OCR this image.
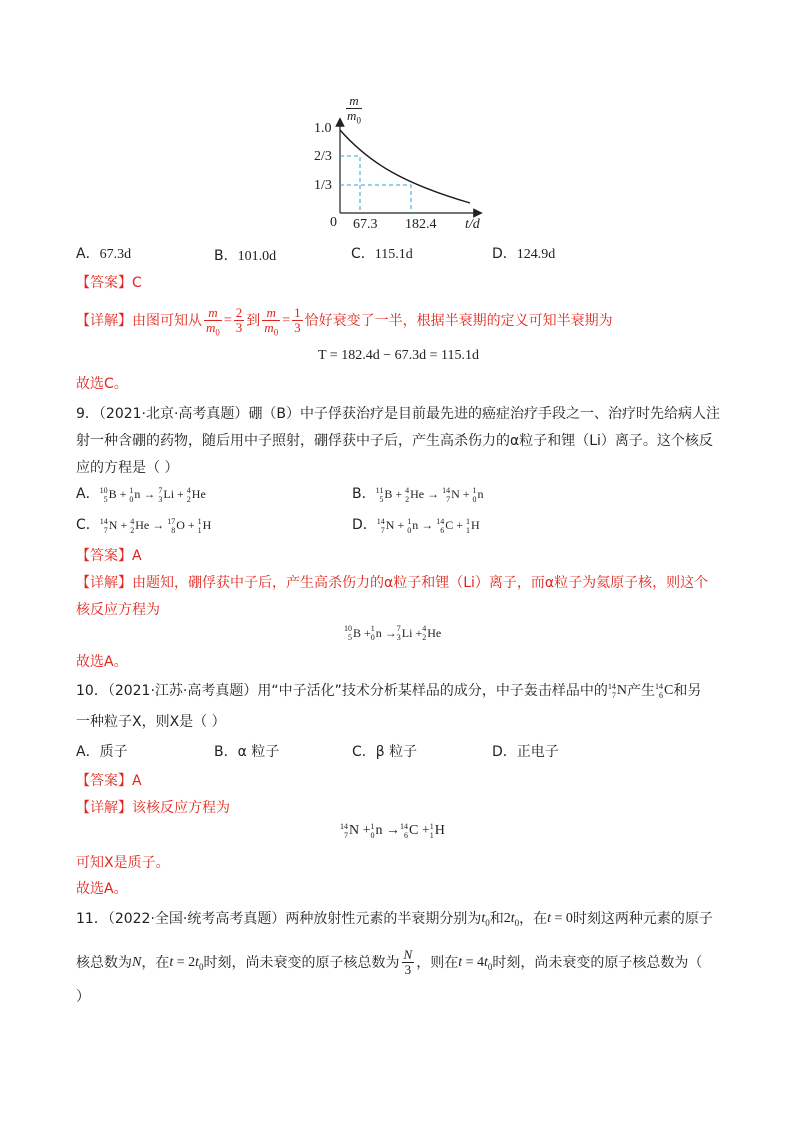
m
$m_0$
1.0
2/3
1/3
0 67.3 182.4 t/d
A．67.3d	B．101.0d	C．115.1d	D．124.9d
【答案】C
【详解】 由图可知从 $\frac{m}{m_0} = \frac{2}{3}$ 到 $\frac{m}{m_0} = \frac{1}{3}$ 恰好衰变了一半，根据半衰期的定义可知半衰期为
T = 182.4d − 67.3d = 115.1d
故选C。
9．（2021·北京·高考真题）硼（B）中子俘获治疗是目前最先进的癌症治疗手段之一、治疗时先给病人注
射一种含硼的药物，随后用中子照射，硼俘获中子后，产生高杀伤力的α粒子和锂（Li）离子。这个核反
应的方程是（ ）
A． 10
5 B + 1
0 n → 7
3 Li + 4
2 He	B． 11
5 B + 4
2 He → 14
7 N + 1
0 n
C． 14
7 N + 4
2 He → 17
8 O + 1
1 H	D． 14
7 N + 1
0 n → 14
6 C + 1
1 H
【答案】A
【详解】由题知，硼俘获中子后，产生高杀伤力的α粒子和锂（Li）离子，而α粒子为氦原子核，则这个
核反应方程为
10
5 B + 1
0 n → 7
3 Li + 4
2 He
故选A。
10．（2021·江苏·高考真题）用“中子活化”技术分析某样品的成分，中子轰击样品中的 14
7 N 产生 14
6 C 和另
一种粒子X，则X是（ ）
A．质子	B．α 粒子	C．β 粒子	D．正电子
【答案】A
【详解】该核反应方程为
14
7 N + 1
0 n → 14
6 C + 1
1 H
可知X是质子。
故选A。
11．（2022·全国·统考高考真题）两种放射性元素的半衰期分别为 $t_0$ 和 $2t_0$ ，在 t = 0 时刻这两种元素的原子
核总数为 N ，在 $t = 2t_0$ 时刻，尚未衰变的原子核总数为 $\frac{N}{3}$ ，则在 $t = 4t_0$ 时刻，尚未衰变的原子核总数为（
）
